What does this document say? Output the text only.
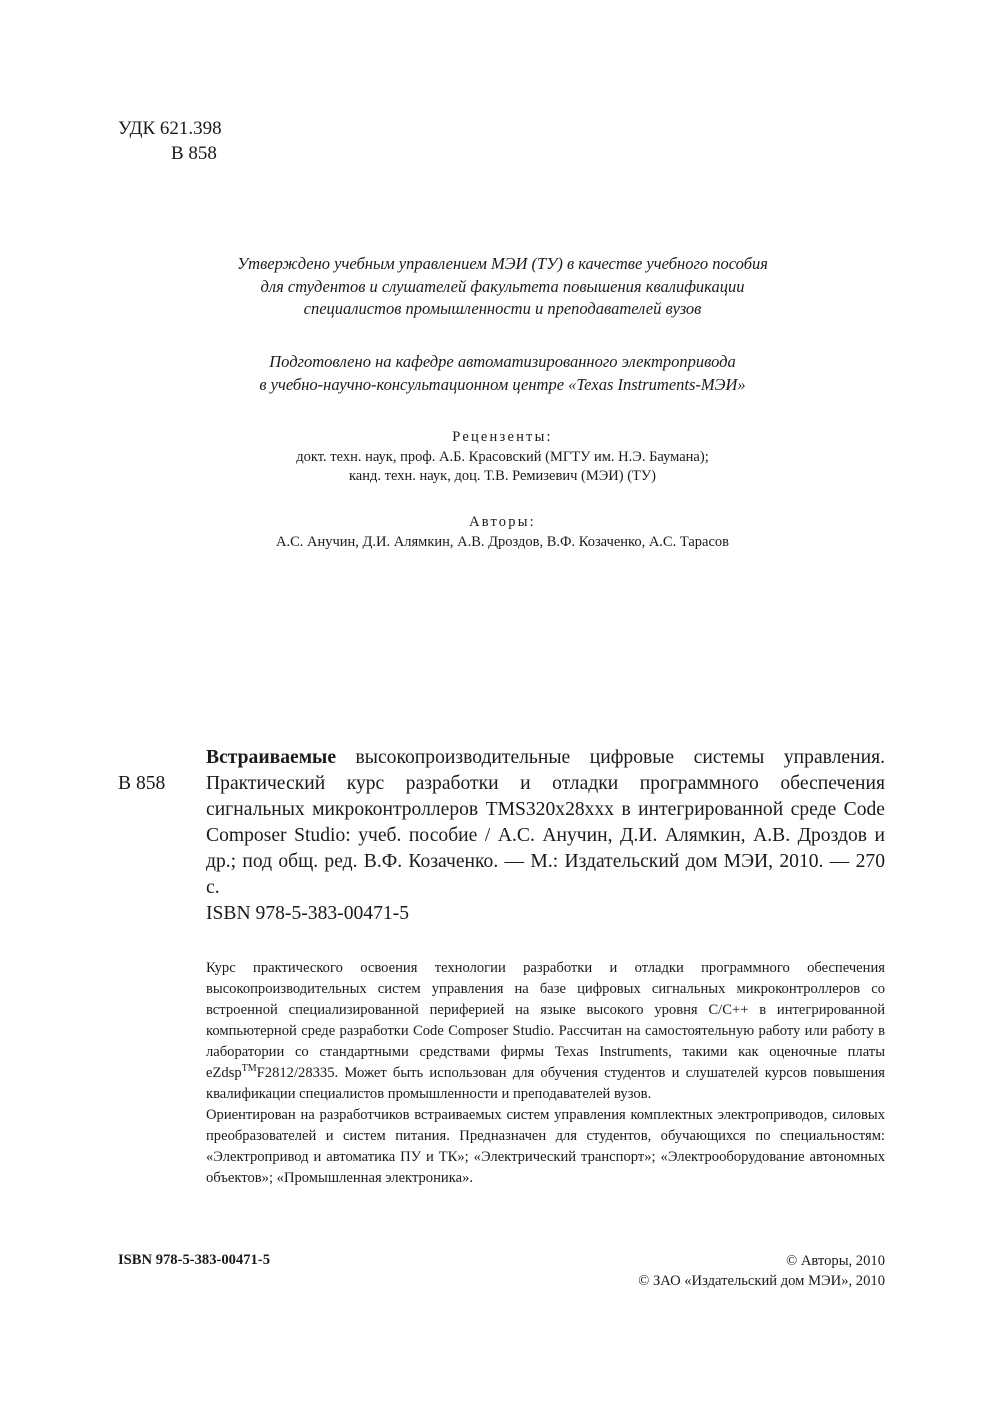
УДК 621.398
В 858
Утверждено учебным управлением МЭИ (ТУ) в качестве учебного пособия
для студентов и слушателей факультета повышения квалификации
специалистов промышленности и преподавателей вузов
Подготовлено на кафедре автоматизированного электропривода
в учебно-научно-консультационном центре «Texas Instruments-МЭИ»
Рецензенты:
докт. техн. наук, проф. А.Б. Красовский (МГТУ им. Н.Э. Баумана);
канд. техн. наук, доц. Т.В. Ремизевич (МЭИ) (ТУ)
Авторы:
А.С. Анучин, Д.И. Алямкин, А.В. Дроздов, В.Ф. Козаченко, А.С. Тарасов
В 858
Встраиваемые высокопроизводительные цифровые системы управления. Практический курс разработки и отладки программного обеспечения сигнальных микроконтроллеров TMS320x28xxx в интегрированной среде Code Composer Studio: учеб. пособие / А.С. Анучин, Д.И. Алямкин, А.В. Дроздов и др.; под общ. ред. В.Ф. Козаченко. — М.: Издательский дом МЭИ, 2010. — 270 с.
ISBN 978-5-383-00471-5

Курс практического освоения технологии разработки и отладки программного обеспечения высокопроизводительных систем управления на базе цифровых сигнальных микроконтроллеров со встроенной специализированной периферией на языке высокого уровня C/C++ в интегрированной компьютерной среде разработки Code Composer Studio. Рассчитан на самостоятельную работу или работу в лаборатории со стандартными средствами фирмы Texas Instruments, такими как оценочные платы eZdsp™F2812/28335. Может быть использован для обучения студентов и слушателей курсов повышения квалификации специалистов промышленности и преподавателей вузов.

Ориентирован на разработчиков встраиваемых систем управления комплектных электроприводов, силовых преобразователей и систем питания. Предназначен для студентов, обучающихся по специальностям: «Электропривод и автоматика ПУ и ТК»; «Электрический транспорт»; «Электрооборудование автономных объектов»; «Промышленная электроника».

ISBN 978-5-383-00471-5	© Авторы, 2010
© ЗАО «Издательский дом МЭИ», 2010
